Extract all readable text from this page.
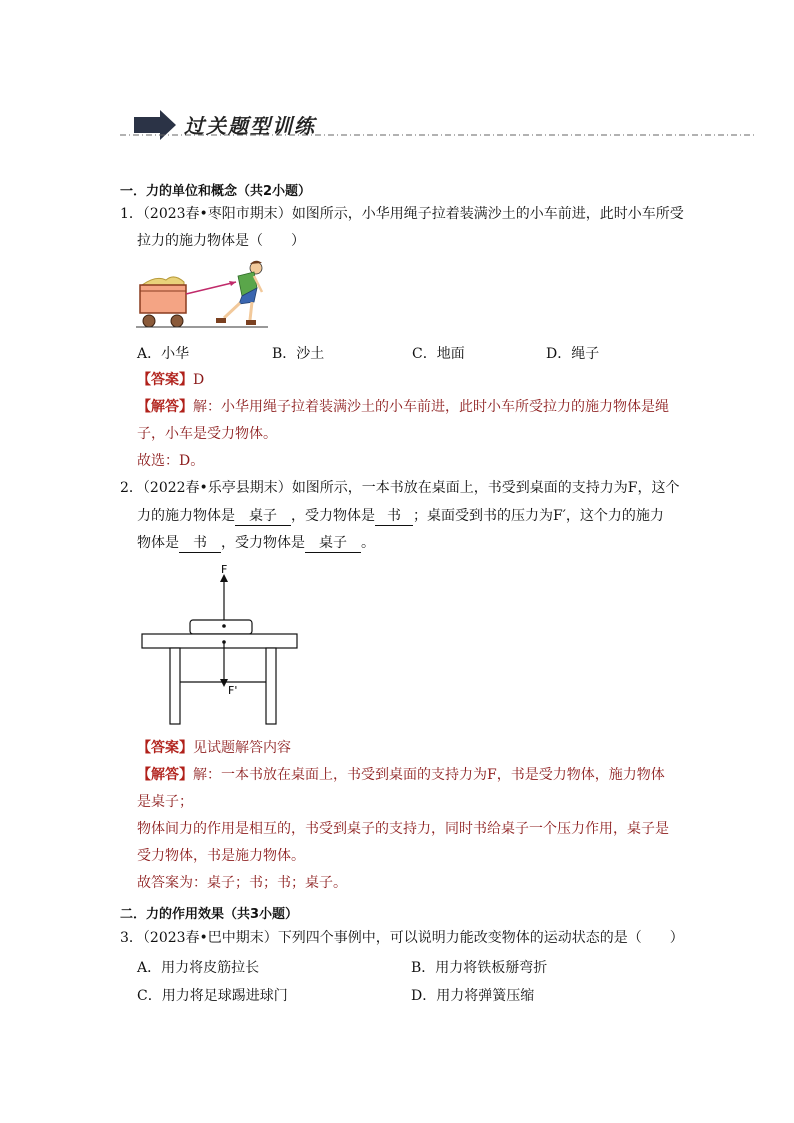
过关题型训练
一．力的单位和概念（共2小题）
1．（2023春•枣阳市期末）如图所示，小华用绳子拉着装满沙土的小车前进，此时小车所受
拉力的施力物体是（　　）
A．小华	B．沙土	C．地面	D．绳子
【答案】D
【解答】解：小华用绳子拉着装满沙土的小车前进，此时小车所受拉力的施力物体是绳
子，小车是受力物体。
故选：D。
2．（2022春•乐亭县期末）如图所示，一本书放在桌面上，书受到桌面的支持力为F，这个
力的施力物体是 桌子 ，受力物体是 书 ；桌面受到书的压力为F′，这个力的施力
物体是 书 ，受力物体是 桌子 。
F
F'
【答案】见试题解答内容
【解答】解：一本书放在桌面上，书受到桌面的支持力为F，书是受力物体，施力物体
是桌子；
物体间力的作用是相互的，书受到桌子的支持力，同时书给桌子一个压力作用，桌子是
受力物体，书是施力物体。
故答案为：桌子；书；书；桌子。
二．力的作用效果（共3小题）
3．（2023春•巴中期末）下列四个事例中，可以说明力能改变物体的运动状态的是（　　）
A．用力将皮筋拉长	B．用力将铁板掰弯折
C．用力将足球踢进球门	D．用力将弹簧压缩
